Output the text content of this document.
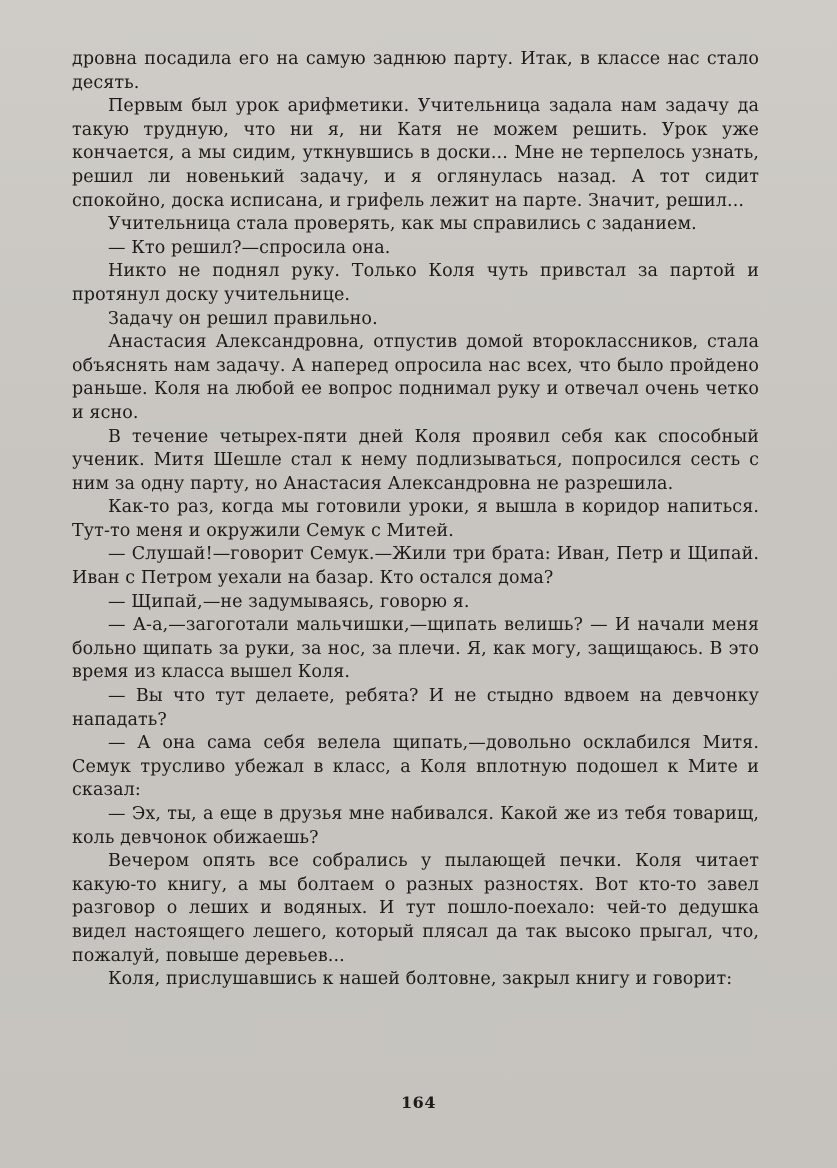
дровна посадила его на самую заднюю парту. Итак, в классе нас стало десять.

Первым был урок арифметики. Учительница задала нам задачу да такую трудную, что ни я, ни Катя не можем решить. Урок уже кончается, а мы сидим, уткнувшись в доски... Мне не терпелось узнать, решил ли новенький задачу, и я оглянулась назад. А тот сидит спокойно, доска исписана, и грифель лежит на парте. Значит, решил...

Учительница стала проверять, как мы справились с заданием.

— Кто решил?—спросила она.

Никто не поднял руку. Только Коля чуть привстал за партой и протянул доску учительнице.

Задачу он решил правильно.

Анастасия Александровна, отпустив домой второклассников, стала объяснять нам задачу. А наперед опросила нас всех, что было пройдено раньше. Коля на любой ее вопрос поднимал руку и отвечал очень четко и ясно.

В течение четырех-пяти дней Коля проявил себя как способный ученик. Митя Шешле стал к нему подлизываться, попросился сесть с ним за одну парту, но Анастасия Александровна не разрешила.

Как-то раз, когда мы готовили уроки, я вышла в коридор напиться. Тут-то меня и окружили Семук с Митей.

— Слушай!—говорит Семук.—Жили три брата: Иван, Петр и Щипай. Иван с Петром уехали на базар. Кто остался дома?

— Щипай,—не задумываясь, говорю я.

— А-а,—загоготали мальчишки,—щипать велишь? — И начали меня больно щипать за руки, за нос, за плечи. Я, как могу, защищаюсь. В это время из класса вышел Коля.

— Вы что тут делаете, ребята? И не стыдно вдвоем на девчонку нападать?

— А она сама себя велела щипать,—довольно осклабился Митя. Семук трусливо убежал в класс, а Коля вплотную подошел к Мите и сказал:

— Эх, ты, а еще в друзья мне набивался. Какой же из тебя товарищ, коль девчонок обижаешь?

Вечером опять все собрались у пылающей печки. Коля читает какую-то книгу, а мы болтаем о разных разностях. Вот кто-то завел разговор о леших и водяных. И тут пошло-поехало: чей-то дедушка видел настоящего лешего, который плясал да так высоко прыгал, что, пожалуй, повыше деревьев...

Коля, прислушавшись к нашей болтовне, закрыл книгу и говорит:

164
